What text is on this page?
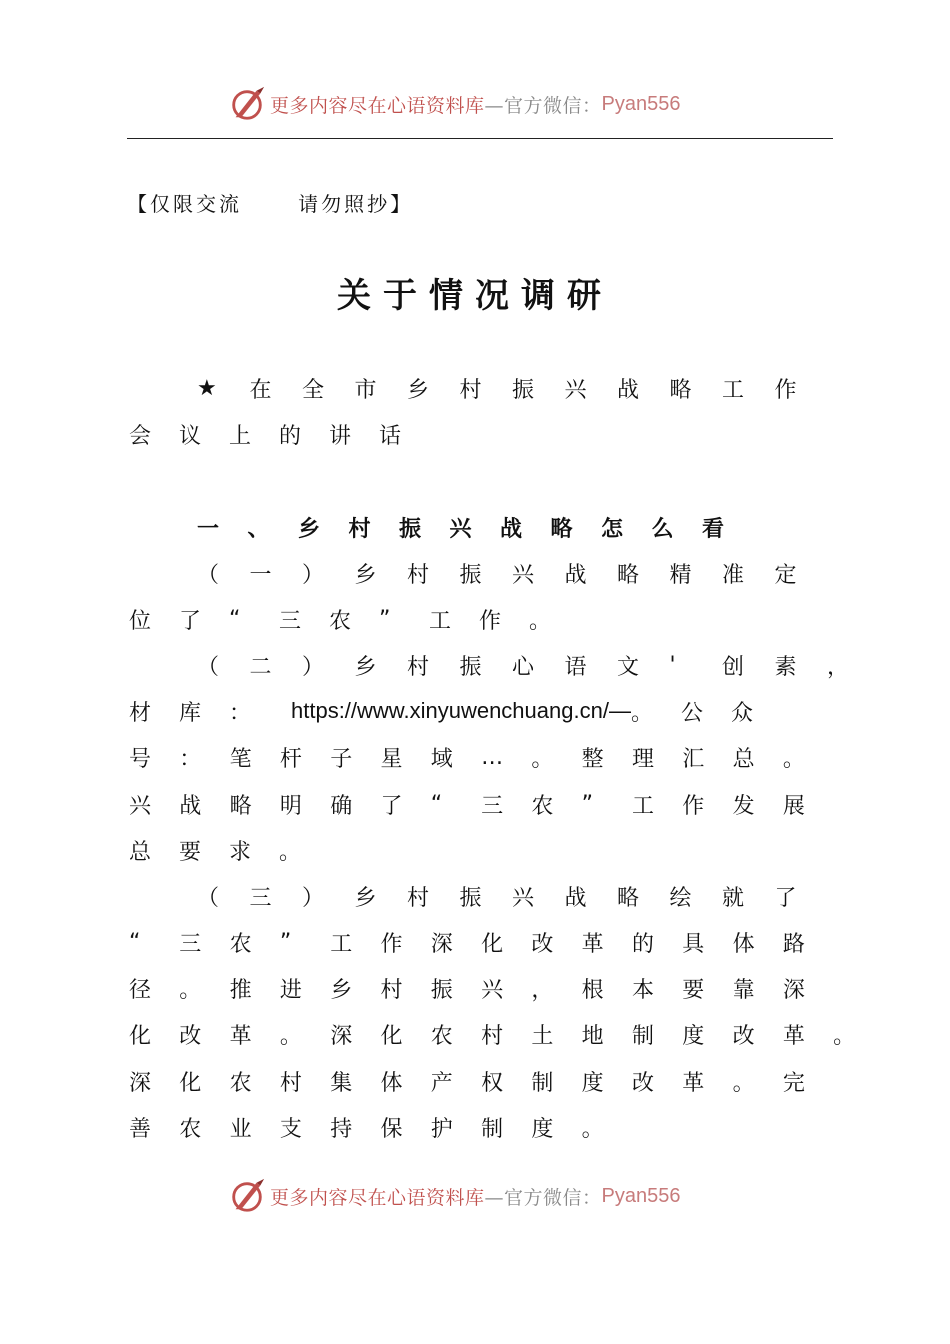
更多内容尽在心语资料库 —官方微信： Pyan556
【仅限交流      请勿照抄】
关于情况调研
★	在	全	市	乡	村	振	兴	战	略	工	作
会	议	上	的	讲	话
一	、	乡	村	振	兴	战	略	怎	么	看
（	一	）	乡	村	振	兴	战	略	精	准	定
位	了	“	三	农	”	工	作	。
（	二	）	乡	村	振	心	语	文	'	创	素	，
材 库 ：	https://www.xinyuwenchuang.cn/— 。 公 众
号	：	笔	杆	子	星	域	…	。	整	理	汇	总	。
兴	战	略	明	确	了	“	三	农	”	工	作	发	展
总	要	求	。
（	三	）	乡	村	振	兴	战	略	绘	就	了
“	三	农	”	工	作	深	化	改	革	的	具	体	路
径	。	推	进	乡	村	振	兴	，	根	本	要	靠	深
化	改	革	。	深	化	农	村	土	地	制	度	改	革	。
深	化	农	村	集	体	产	权	制	度	改	革	。	完
善	农	业	支	持	保	护	制	度	。
更多内容尽在心语资料库 —官方微信： Pyan556
